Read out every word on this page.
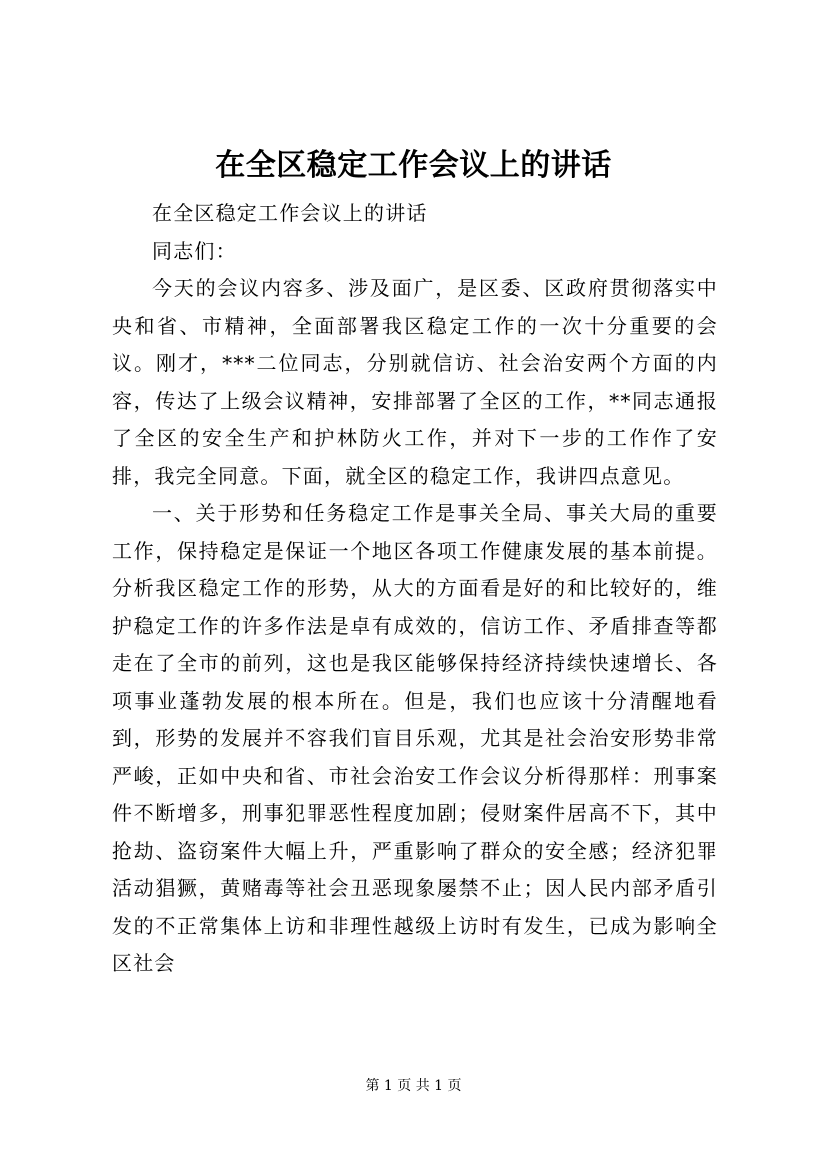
在全区稳定工作会议上的讲话

在全区稳定工作会议上的讲话

同志们：

今天的会议内容多、涉及面广，是区委、区政府贯彻落实中央和省、市精神，全面部署我区稳定工作的一次十分重要的会议。刚才，***二位同志，分别就信访、社会治安两个方面的内容，传达了上级会议精神，安排部署了全区的工作，**同志通报了全区的安全生产和护林防火工作，并对下一步的工作作了安排，我完全同意。下面，就全区的稳定工作，我讲四点意见。

一、关于形势和任务稳定工作是事关全局、事关大局的重要工作，保持稳定是保证一个地区各项工作健康发展的基本前提。分析我区稳定工作的形势，从大的方面看是好的和比较好的，维护稳定工作的许多作法是卓有成效的，信访工作、矛盾排查等都走在了全市的前列，这也是我区能够保持经济持续快速增长、各项事业蓬勃发展的根本所在。但是，我们也应该十分清醒地看到，形势的发展并不容我们盲目乐观，尤其是社会治安形势非常严峻，正如中央和省、市社会治安工作会议分析得那样：刑事案件不断增多，刑事犯罪恶性程度加剧；侵财案件居高不下，其中抢劫、盗窃案件大幅上升，严重影响了群众的安全感；经济犯罪活动猖獗，黄赌毒等社会丑恶现象屡禁不止；因人民内部矛盾引发的不正常集体上访和非理性越级上访时有发生，已成为影响全区社会

第 1 页 共 1 页
